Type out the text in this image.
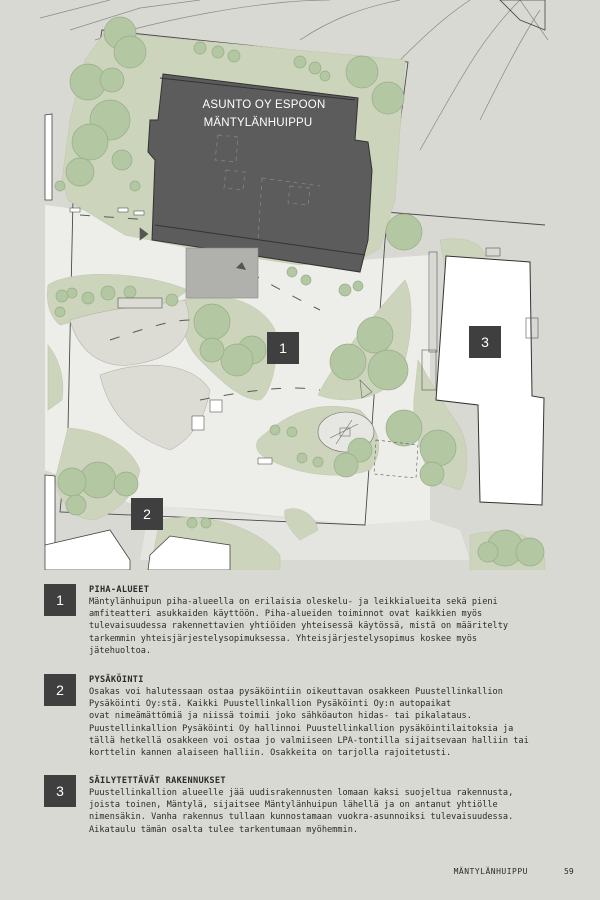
ASUNTO OY ESPOON
MÄNTYLÄNHUIPPU
1
2
3
1
PIHA-ALUEET

Mäntylänhuipun piha-alueella on erilaisia oleskelu- ja leikkialueita sekä pieni
amfiteatteri asukkaiden käyttöön. Piha-alueiden toiminnot ovat kaikkien myös
tulevaisuudessa rakennettavien yhtiöiden yhteisessä käytössä, mistä on määritelty
tarkemmin yhteisjärjestelysopimuksessa. Yhteisjärjestelysopimus koskee myös
jätehuoltoa.

2
PYSÄKÖINTI

Osakas voi halutessaan ostaa pysäköintiin oikeuttavan osakkeen Puustellinkallion
Pysäköinti Oy:stä. Kaikki Puustellinkallion Pysäköinti Oy:n autopaikat
ovat nimeämättömiä ja niissä toimii joko sähköauton hidas- tai pikalataus.
Puustellinkallion Pysäköinti Oy hallinnoi Puustellinkallion pysäköintilaitoksia ja
tällä hetkellä osakkeen voi ostaa jo valmiiseen LPA-tontilla sijaitsevaan halliin tai
korttelin kannen alaiseen halliin. Osakkeita on tarjolla rajoitetusti.

3
SÄILYTETTÄVÄT RAKENNUKSET

Puustellinkallion alueelle jää uudisrakennusten lomaan kaksi suojeltua rakennusta,
joista toinen, Mäntylä, sijaitsee Mäntylänhuipun lähellä ja on antanut yhtiölle
nimensäkin. Vanha rakennus tullaan kunnostamaan vuokra-asunnoiksi tulevaisuudessa.
Aikataulu tämän osalta tulee tarkentumaan myöhemmin.

MÄNTYLÄNHUIPPU	59
